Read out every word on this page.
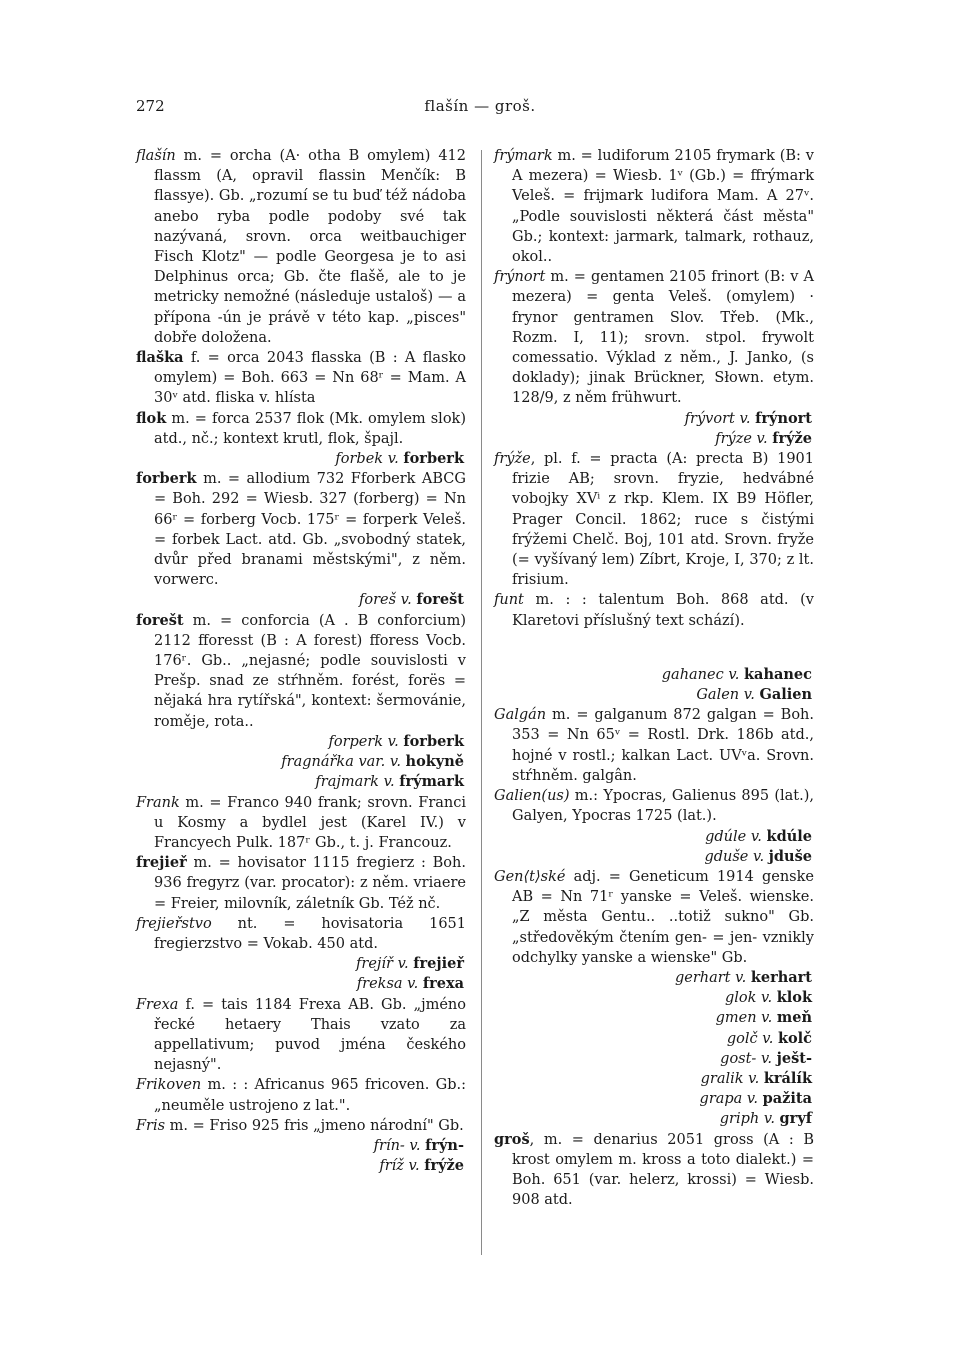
272	flašín — groš.

flašín m. = orcha (A· otha B omylem) 412 flassm (A, opravil flassin Menčík: B flassye). Gb. „rozumí se tu buď též nádoba anebo ryba podle podoby své tak nazývaná, srovn. orca weitbauchiger Fisch Klotz" — podle Georgesa je to asi Delphinus orca; Gb. čte flašě, ale to je metricky nemožné (následuje ustaloš) — a přípona -ún je právě v této kap. „pisces" dobře doložena.

flaška f. = orca 2043 flasska (B : A flasko omylem) = Boh. 663 = Nn 68ʳ = Mam. A 30ᵛ atd. fliska v. hlísta

flok m. = forca 2537 flok (Mk. omylem slok) atd., nč.; kontext krutl, flok, špajl.

forbek v. forberk

forberk m. = allodium 732 Fforberk ABCG = Boh. 292 = Wiesb. 327 (forberg) = Nn 66ʳ = forberg Vocb. 175ʳ = forperk Veleš. = forbek Lact. atd. Gb. „svobodný statek, dvůr před branami městskými", z něm. vorwerc.

foreš v. forešt

forešt m. = conforcia (A . B conforcium) 2112 fforesst (B : A forest) fforess Vocb. 176ʳ. Gb.. „nejasné; podle souvislosti v Prešp. snad ze stŕhněm. forést, forës = nějaká hra rytířská", kontext: šermovánie, roměje, rota..

forperk v. forberk

fragnářka var. v. hokyně

frajmark v. frýmark

Frank m. = Franco 940 frank; srovn. Franci u Kosmy a bydlel jest (Karel IV.) v Francyech Pulk. 187ʳ Gb., t. j. Francouz.

frejieř m. = hovisator 1115 fregierz : Boh. 936 fregyrz (var. procator): z něm. vriaere = Freier, milovník, záletník Gb. Též nč.

frejieřstvo nt. = hovisatoria 1651 fregierzstvo = Vokab. 450 atd.

frejíř v. frejieř

freksa v. frexa

Frexa f. = tais 1184 Frexa AB. Gb. „jméno řecké hetaery Thais vzato za appellativum; puvod jména českého nejasný".

Frikoven m. : : Africanus 965 fricoven. Gb.: „neuměle ustrojeno z lat.".

Fris m. = Friso 925 fris „jmeno národní" Gb.

frín- v. frýn-

fríž v. frýže

frýmark m. = ludiforum 2105 frymark (B: v A mezera) = Wiesb. 1ᵛ (Gb.) = ffrýmark Veleš. = frijmark ludifora Mam. A 27ᵛ. „Podle souvislosti některá část města" Gb.; kontext: jarmark, talmark, rothauz, okol..

frýnort m. = gentamen 2105 frinort (B: v A mezera) = genta Veleš. (omylem) · frynor gentramen Slov. Třeb. (Mk., Rozm. I, 11); srovn. stpol. frywolt comessatio. Výklad z něm., J. Janko, (s doklady); jinak Brückner, Słown. etym. 128/9, z něm frühwurt.

frývort v. frýnort

frýze v. frýže

frýže, pl. f. = practa (A: precta B) 1901 frizie AB; srovn. fryzie, hedvábné vobojky XVⁱ z rkp. Klem. IX B9 Höfler, Prager Concil. 1862; ruce s čistými frýžemi Chelč. Boj, 101 atd. Srovn. fryže (= vyšívaný lem) Zíbrt, Kroje, I, 370; z lt. frisium.

funt m. : : talentum Boh. 868 atd. (v Klaretovi příslušný text schází).

gahanec v. kahanec

Galen v. Galien

Galgán m. = galganum 872 galgan = Boh. 353 = Nn 65ᵛ = Rostl. Drk. 186b atd., hojné v rostl.; kalkan Lact. UVᵛa. Srovn. stŕhněm. galgân.

Galien(us) m.: Ypocras, Galienus 895 (lat.), Galyen, Ypocras 1725 (lat.).

gdúle v. kdúle

gduše v. jduše

Gen⟨t⟩ské adj. = Geneticum 1914 genske AB = Nn 71ʳ yanske = Veleš. wienske. „Z města Gentu.. ..totiž sukno" Gb. „středověkým čtením gen- = jen- vznikly odchylky yanske a wienske" Gb.

gerhart v. kerhart

glok v. klok

gmen v. meň

golč v. kolč

gost- v. ješt-

gralik v. králík

grapa v. pažita

griph v. gryf

groš, m. = denarius 2051 gross (A : B krost omylem m. kross a toto dialekt.) = Boh. 651 (var. helerz, krossi) = Wiesb. 908 atd.
